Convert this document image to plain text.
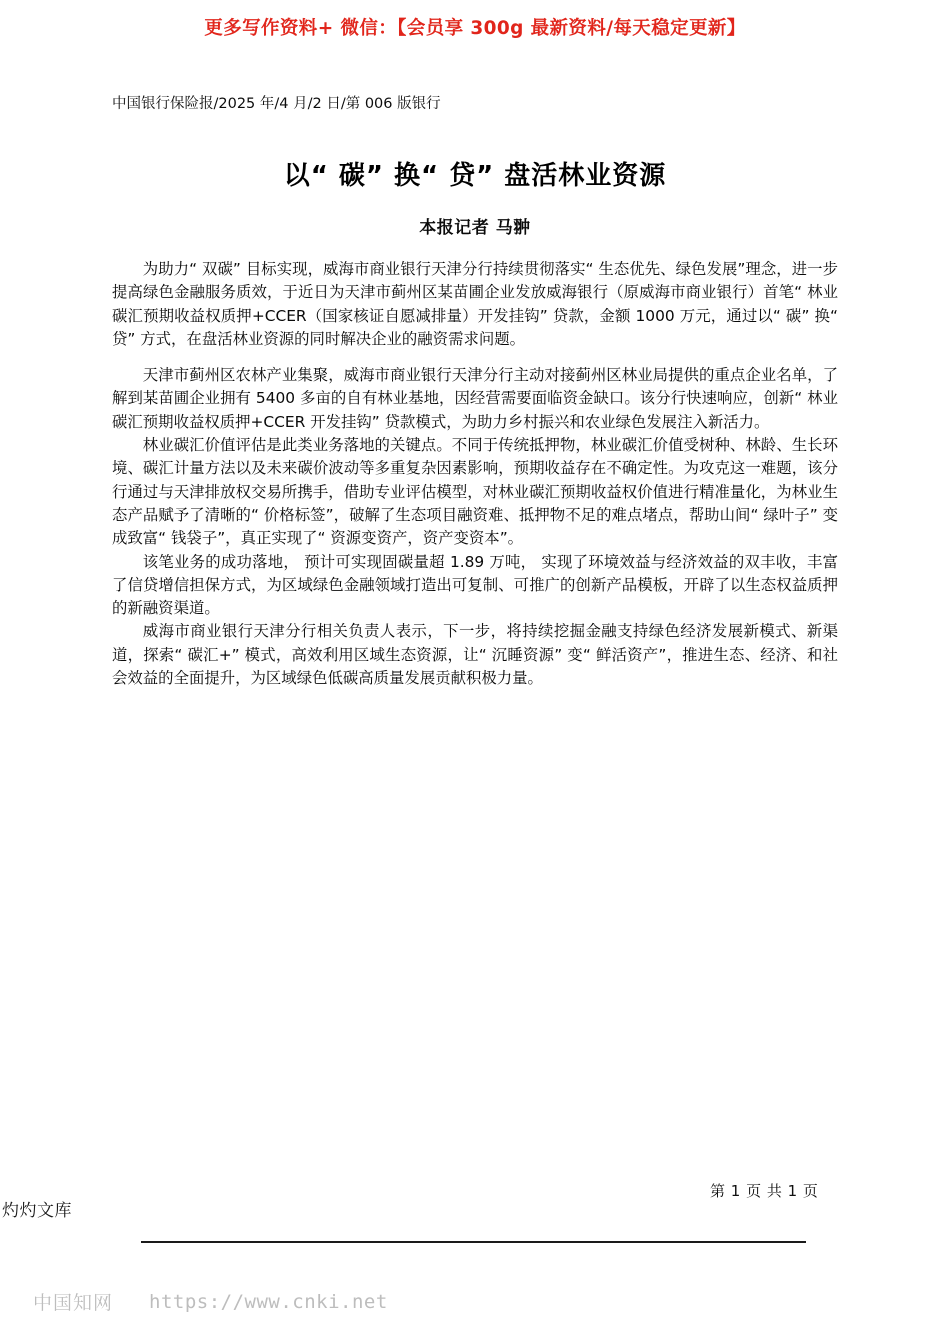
更多写作资料+ 微信：【会员享 300g 最新资料/每天稳定更新】
中国银行保险报/2025 年/4 月/2 日/第 006 版银行
以“ 碳” 换“ 贷” 盘活林业资源
本报记者 马翀

为助力“ 双碳” 目标实现，威海市商业银行天津分行持续贯彻落实“ 生态优先、绿色发展”理念，进一步提高绿色金融服务质效，于近日为天津市蓟州区某苗圃企业发放威海银行（原威海市商业银行）首笔“ 林业碳汇预期收益权质押+CCER（国家核证自愿减排量）开发挂钩” 贷款，金额 1000 万元，通过以“ 碳” 换“ 贷” 方式，在盘活林业资源的同时解决企业的融资需求问题。

天津市蓟州区农林产业集聚，威海市商业银行天津分行主动对接蓟州区林业局提供的重点企业名单，了解到某苗圃企业拥有 5400 多亩的自有林业基地，因经营需要面临资金缺口。该分行快速响应，创新“ 林业碳汇预期收益权质押+CCER 开发挂钩” 贷款模式，为助力乡村振兴和农业绿色发展注入新活力。

林业碳汇价值评估是此类业务落地的关键点。不同于传统抵押物，林业碳汇价值受树种、林龄、生长环境、碳汇计量方法以及未来碳价波动等多重复杂因素影响，预期收益存在不确定性。为攻克这一难题，该分行通过与天津排放权交易所携手，借助专业评估模型，对林业碳汇预期收益权价值进行精准量化，为林业生态产品赋予了清晰的“ 价格标签”，破解了生态项目融资难、抵押物不足的难点堵点，帮助山间“ 绿叶子” 变成致富“ 钱袋子”，真正实现了“ 资源变资产，资产变资本”。

该笔业务的成功落地， 预计可实现固碳量超 1.89 万吨， 实现了环境效益与经济效益的双丰收，丰富了信贷增信担保方式，为区域绿色金融领域打造出可复制、可推广的创新产品模板，开辟了以生态权益质押的新融资渠道。

威海市商业银行天津分行相关负责人表示，下一步，将持续挖掘金融支持绿色经济发展新模式、新渠道，探索“ 碳汇+” 模式，高效利用区域生态资源，让“ 沉睡资源” 变“ 鲜活资产”，推进生态、经济、和社会效益的全面提升，为区域绿色低碳高质量发展贡献积极力量。

第 1 页 共 1 页
灼灼文库
中国知网 https://www.cnki.net
